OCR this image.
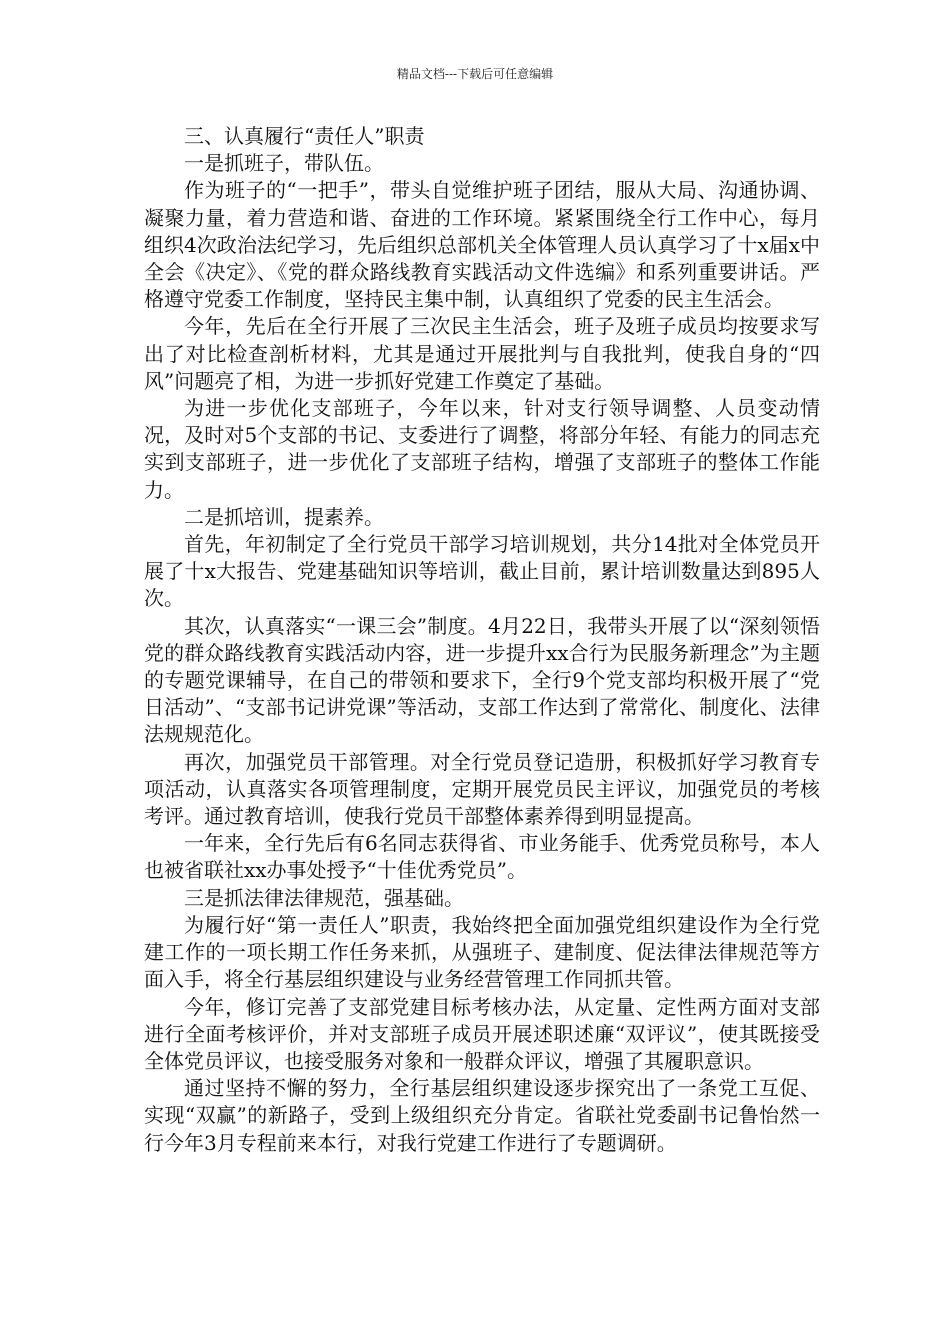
精品文档---下载后可任意编辑

三、认真履行“责任人”职责

一是抓班子，带队伍。

作为班子的“一把手”，带头自觉维护班子团结，服从大局、沟通协调、凝聚力量，着力营造和谐、奋进的工作环境。紧紧围绕全行工作中心，每月组织4次政治法纪学习，先后组织总部机关全体管理人员认真学习了十x届x中全会《决定》、《党的群众路线教育实践活动文件选编》和系列重要讲话。严格遵守党委工作制度，坚持民主集中制，认真组织了党委的民主生活会。

今年，先后在全行开展了三次民主生活会，班子及班子成员均按要求写出了对比检查剖析材料，尤其是通过开展批判与自我批判，使我自身的“四风”问题亮了相，为进一步抓好党建工作奠定了基础。

为进一步优化支部班子，今年以来，针对支行领导调整、人员变动情况，及时对5个支部的书记、支委进行了调整，将部分年轻、有能力的同志充实到支部班子，进一步优化了支部班子结构，增强了支部班子的整体工作能力。

二是抓培训，提素养。

首先，年初制定了全行党员干部学习培训规划，共分14批对全体党员开展了十x大报告、党建基础知识等培训，截止目前，累计培训数量达到895人次。

其次，认真落实“一课三会”制度。4月22日，我带头开展了以“深刻领悟党的群众路线教育实践活动内容，进一步提升xx合行为民服务新理念”为主题的专题党课辅导，在自己的带领和要求下，全行9个党支部均积极开展了“党日活动”、“支部书记讲党课”等活动，支部工作达到了常常化、制度化、法律法规规范化。

再次，加强党员干部管理。对全行党员登记造册，积极抓好学习教育专项活动，认真落实各项管理制度，定期开展党员民主评议，加强党员的考核考评。通过教育培训，使我行党员干部整体素养得到明显提高。

一年来，全行先后有6名同志获得省、市业务能手、优秀党员称号，本人也被省联社xx办事处授予“十佳优秀党员”。

三是抓法律法律规范，强基础。

为履行好“第一责任人”职责，我始终把全面加强党组织建设作为全行党建工作的一项长期工作任务来抓，从强班子、建制度、促法律法律规范等方面入手，将全行基层组织建设与业务经营管理工作同抓共管。

今年，修订完善了支部党建目标考核办法，从定量、定性两方面对支部进行全面考核评价，并对支部班子成员开展述职述廉“双评议”，使其既接受全体党员评议，也接受服务对象和一般群众评议，增强了其履职意识。

通过坚持不懈的努力，全行基层组织建设逐步探究出了一条党工互促、实现“双赢”的新路子，受到上级组织充分肯定。省联社党委副书记鲁怡然一行今年3月专程前来本行，对我行党建工作进行了专题调研。
